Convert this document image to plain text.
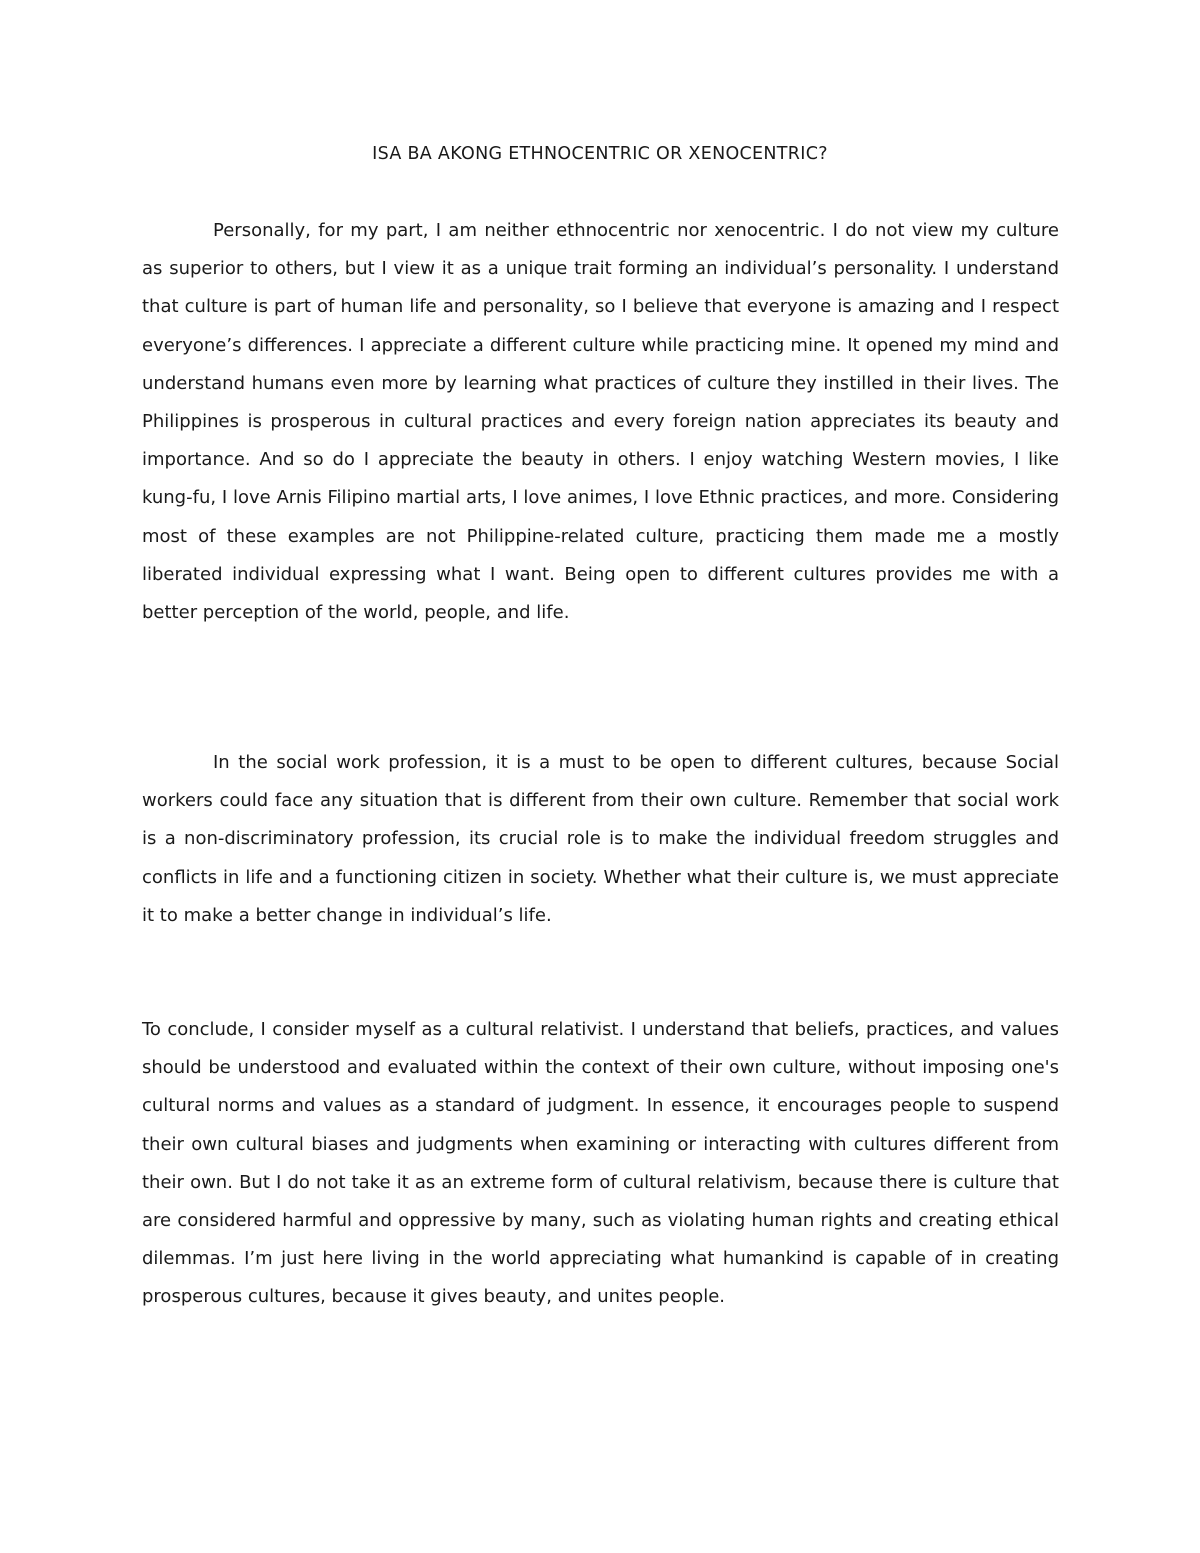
ISA BA AKONG ETHNOCENTRIC OR XENOCENTRIC?

Personally, for my part, I am neither ethnocentric nor xenocentric. I do not view my culture as superior to others, but I view it as a unique trait forming an individual’s personality. I understand that culture is part of human life and personality, so I believe that everyone is amazing and I respect everyone’s differences. I appreciate a different culture while practicing mine. It opened my mind and understand humans even more by learning what practices of culture they instilled in their lives. The Philippines is prosperous in cultural practices and every foreign nation appreciates its beauty and importance. And so do I appreciate the beauty in others. I enjoy watching Western movies, I like kung-fu, I love Arnis Filipino martial arts, I love animes, I love Ethnic practices, and more. Considering most of these examples are not Philippine-related culture, practicing them made me a mostly liberated individual expressing what I want. Being open to different cultures provides me with a better perception of the world, people, and life.

In the social work profession, it is a must to be open to different cultures, because Social workers could face any situation that is different from their own culture. Remember that social work is a non-discriminatory profession, its crucial role is to make the individual freedom struggles and conflicts in life and a functioning citizen in society. Whether what their culture is, we must appreciate it to make a better change in individual’s life.

To conclude, I consider myself as a cultural relativist. I understand that beliefs, practices, and values should be understood and evaluated within the context of their own culture, without imposing one's cultural norms and values as a standard of judgment. In essence, it encourages people to suspend their own cultural biases and judgments when examining or interacting with cultures different from their own. But I do not take it as an extreme form of cultural relativism, because there is culture that are considered harmful and oppressive by many, such as violating human rights and creating ethical dilemmas. I’m just here living in the world appreciating what humankind is capable of in creating prosperous cultures, because it gives beauty, and unites people.
